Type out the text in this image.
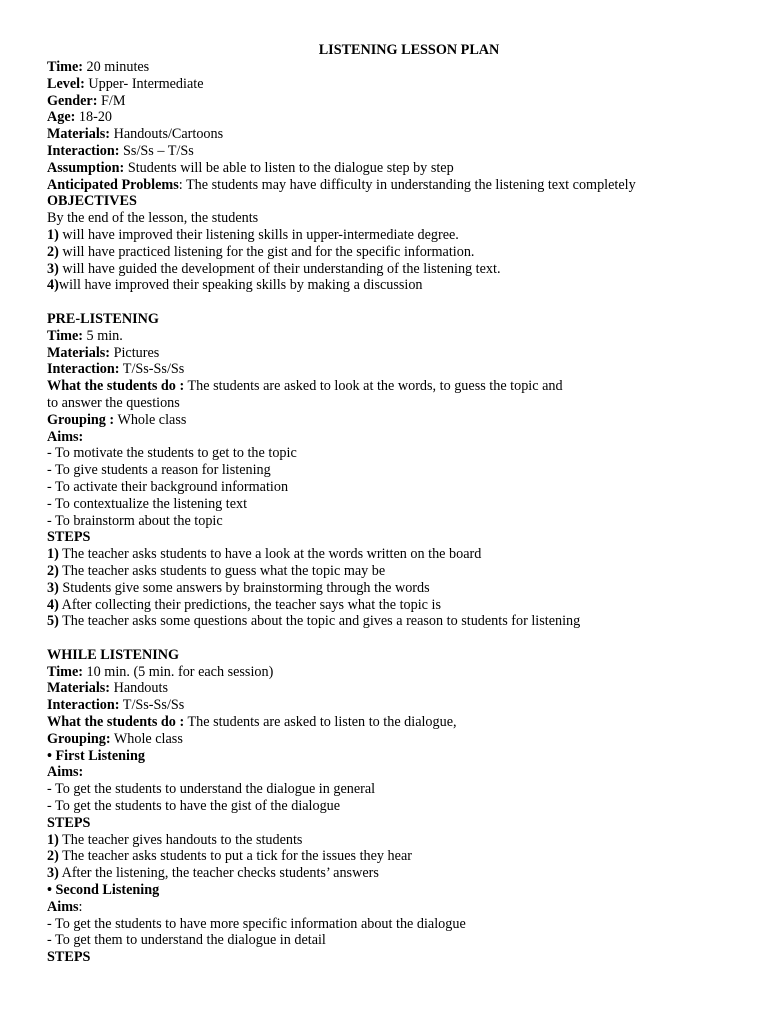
LISTENING LESSON PLAN
Time: 20 minutes
Level: Upper- Intermediate
Gender: F/M
Age: 18-20
Materials: Handouts/Cartoons
Interaction: Ss/Ss – T/Ss
Assumption: Students will be able to listen to the dialogue step by step
Anticipated Problems: The students may have difficulty in understanding the listening text completely
OBJECTIVES
By the end of the lesson, the students
1) will have improved their listening skills in upper-intermediate degree.
2) will have practiced listening for the gist and for the specific information.
3) will have guided the development of their understanding of the listening text.
4)will have improved their speaking skills by making a discussion
PRE-LISTENING
Time: 5 min.
Materials: Pictures
Interaction: T/Ss-Ss/Ss
What the students do : The students are asked to look at the words, to guess the topic and
to answer the questions
Grouping : Whole class
Aims:
- To motivate the students to get to the topic
- To give students a reason for listening
- To activate their background information
- To contextualize the listening text
- To brainstorm about the topic
STEPS
1) The teacher asks students to have a look at the words written on the board
2) The teacher asks students to guess what the topic may be
3) Students give some answers by brainstorming through the words
4) After collecting their predictions, the teacher says what the topic is
5) The teacher asks some questions about the topic and gives a reason to students for listening
WHILE LISTENING
Time: 10 min. (5 min. for each session)
Materials: Handouts
Interaction: T/Ss-Ss/Ss
What the students do : The students are asked to listen to the dialogue,
Grouping: Whole class
• First Listening
Aims:
- To get the students to understand the dialogue in general
- To get the students to have the gist of the dialogue
STEPS
1) The teacher gives handouts to the students
2) The teacher asks students to put a tick for the issues they hear
3) After the listening, the teacher checks students’ answers
• Second Listening
Aims:
- To get the students to have more specific information about the dialogue
- To get them to understand the dialogue in detail
STEPS
